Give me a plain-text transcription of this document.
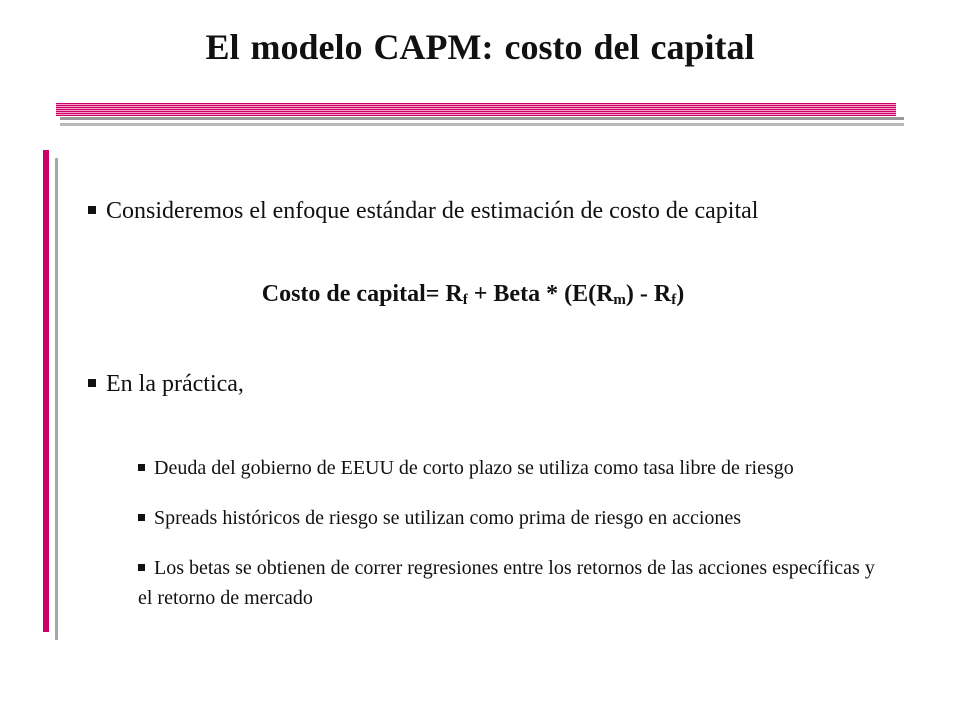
El modelo CAPM: costo del capital
Consideremos el enfoque estándar de estimación de costo de capital
Costo de capital= $R_f$ + Beta * $(E(R_m) - R_f)$
En la práctica,
Deuda del gobierno de EEUU de corto plazo se utiliza como tasa libre de riesgo
Spreads históricos de riesgo se utilizan como prima de riesgo en acciones
Los betas se obtienen de correr regresiones entre los retornos de las acciones específicas y el retorno de mercado
